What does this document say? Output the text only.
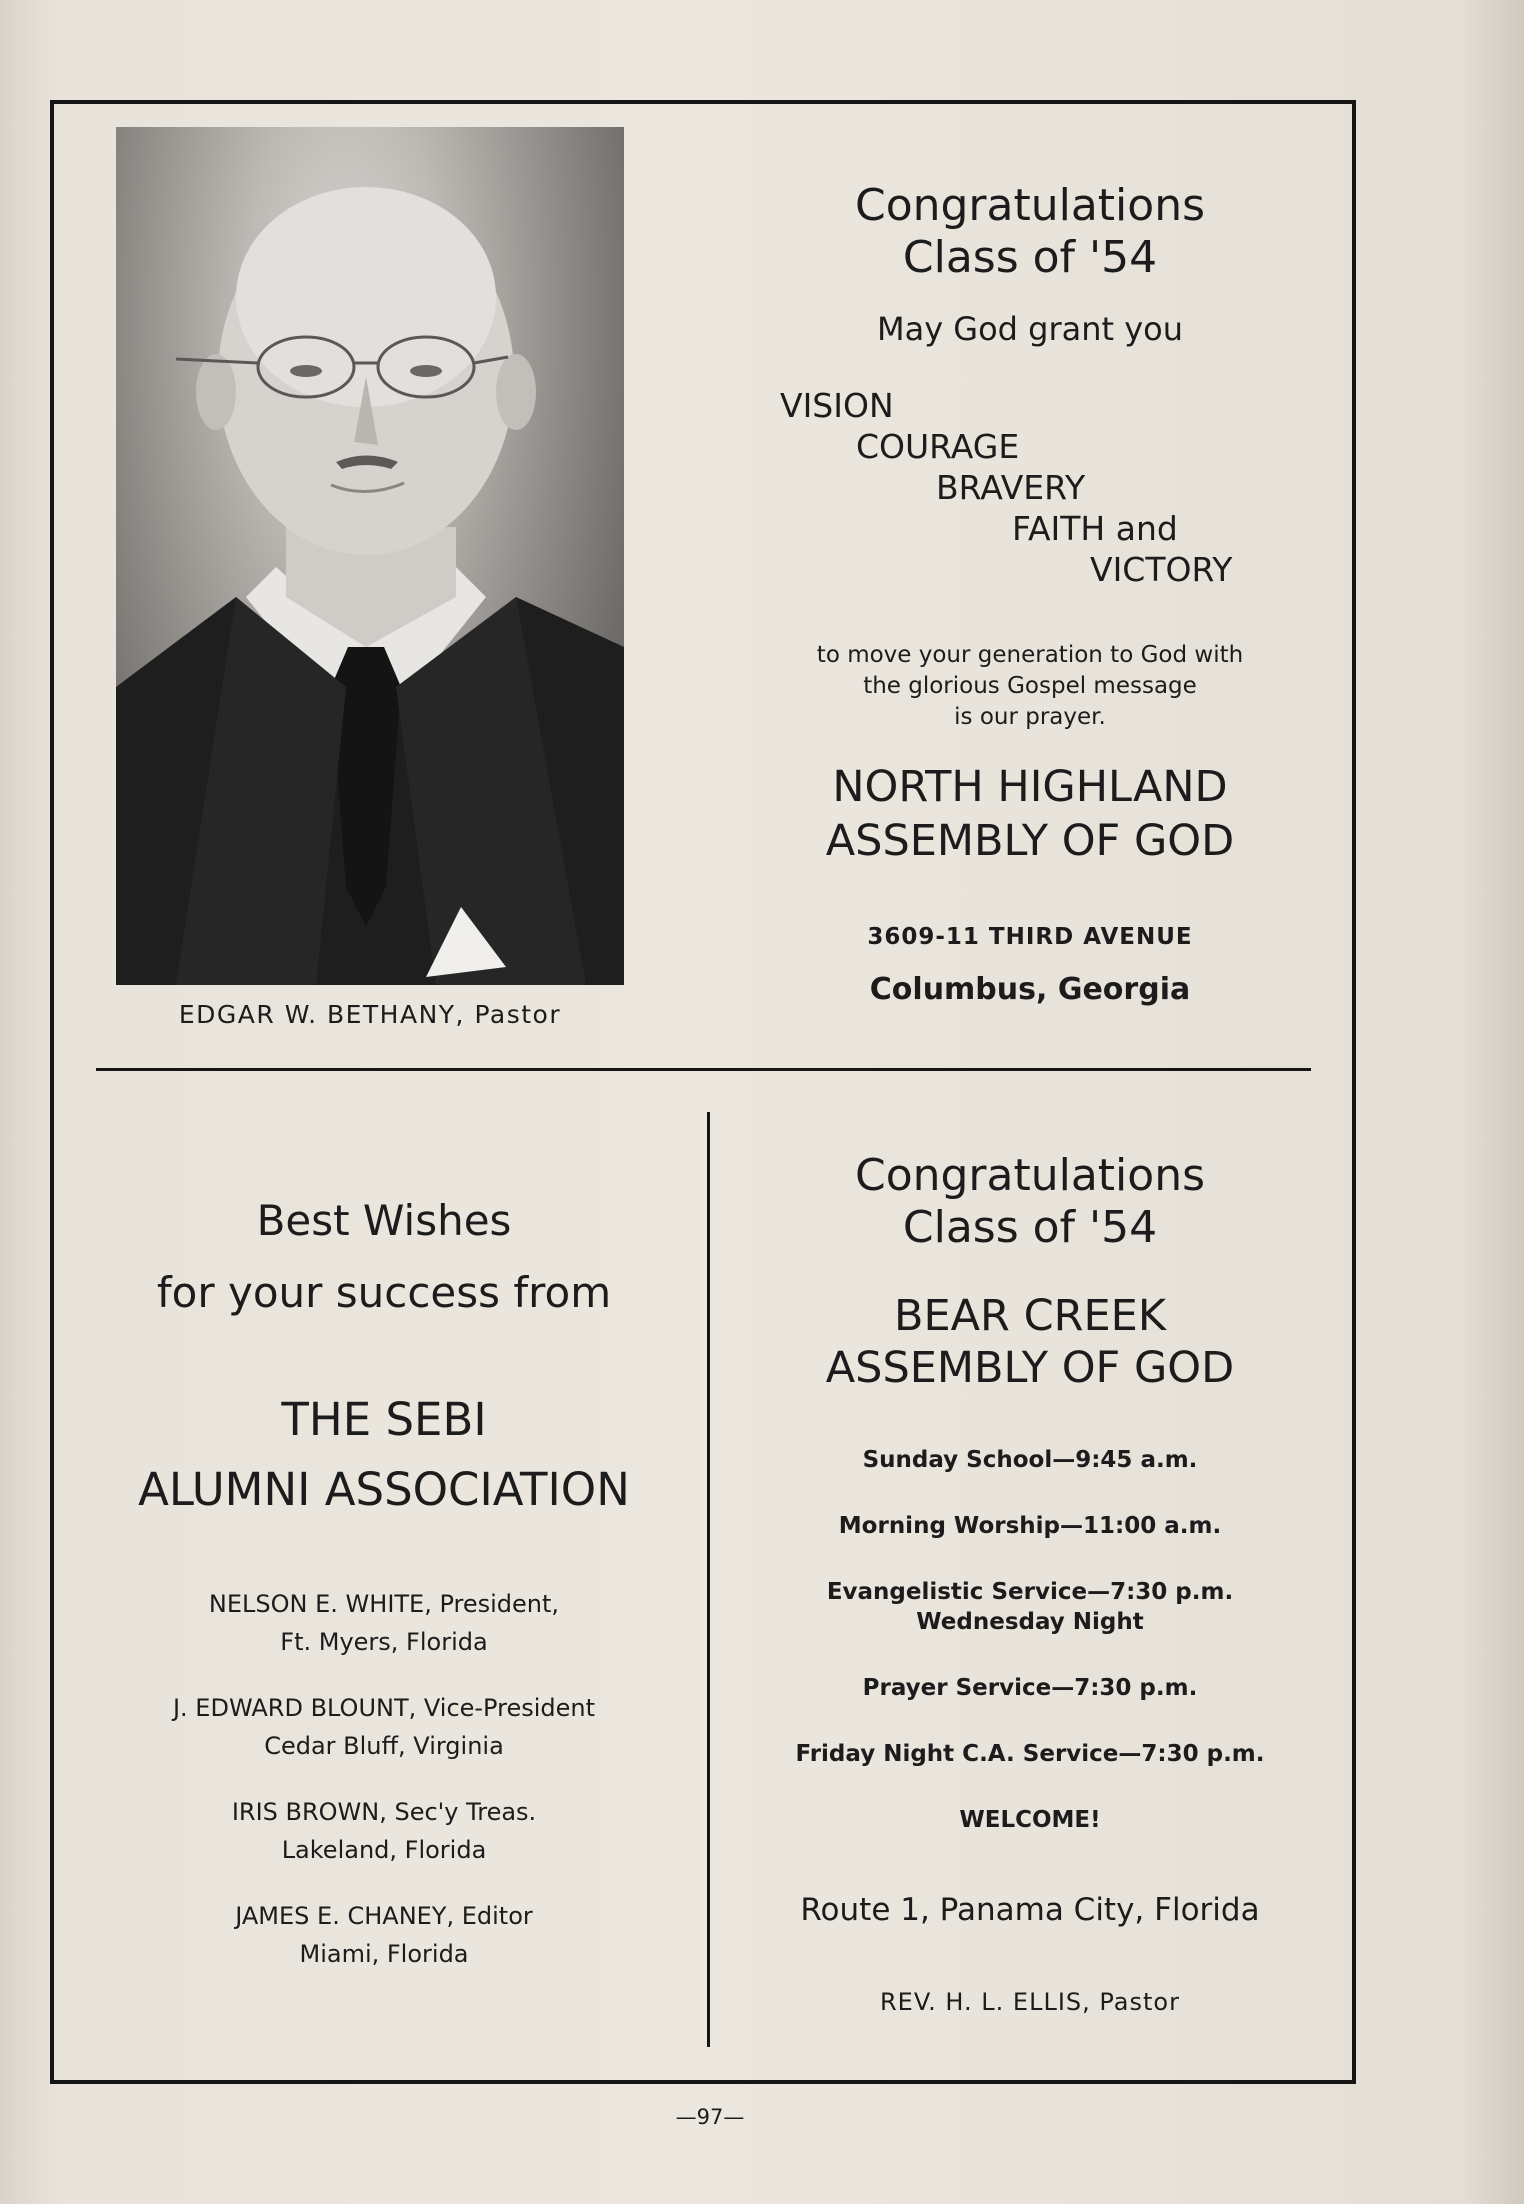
EDGAR W. BETHANY, Pastor
Congratulations
Class of '54
May God grant you
VISION
COURAGE
BRAVERY
FAITH and
VICTORY
to move your generation to God with
the glorious Gospel message
is our prayer.
NORTH HIGHLAND
ASSEMBLY OF GOD
3609-11 THIRD AVENUE
Columbus, Georgia
Best Wishes
for your success from
THE SEBI
ALUMNI ASSOCIATION
NELSON E. WHITE, President,
Ft. Myers, Florida
J. EDWARD BLOUNT, Vice-President
Cedar Bluff, Virginia
IRIS BROWN, Sec'y Treas.
Lakeland, Florida
JAMES E. CHANEY, Editor
Miami, Florida
Congratulations
Class of '54
BEAR CREEK
ASSEMBLY OF GOD
Sunday School—9:45 a.m.
Morning Worship—11:00 a.m.
Evangelistic Service—7:30 p.m.
Wednesday Night
Prayer Service—7:30 p.m.
Friday Night C.A. Service—7:30 p.m.
WELCOME!
Route 1, Panama City, Florida
REV. H. L. ELLIS, Pastor
—97—
